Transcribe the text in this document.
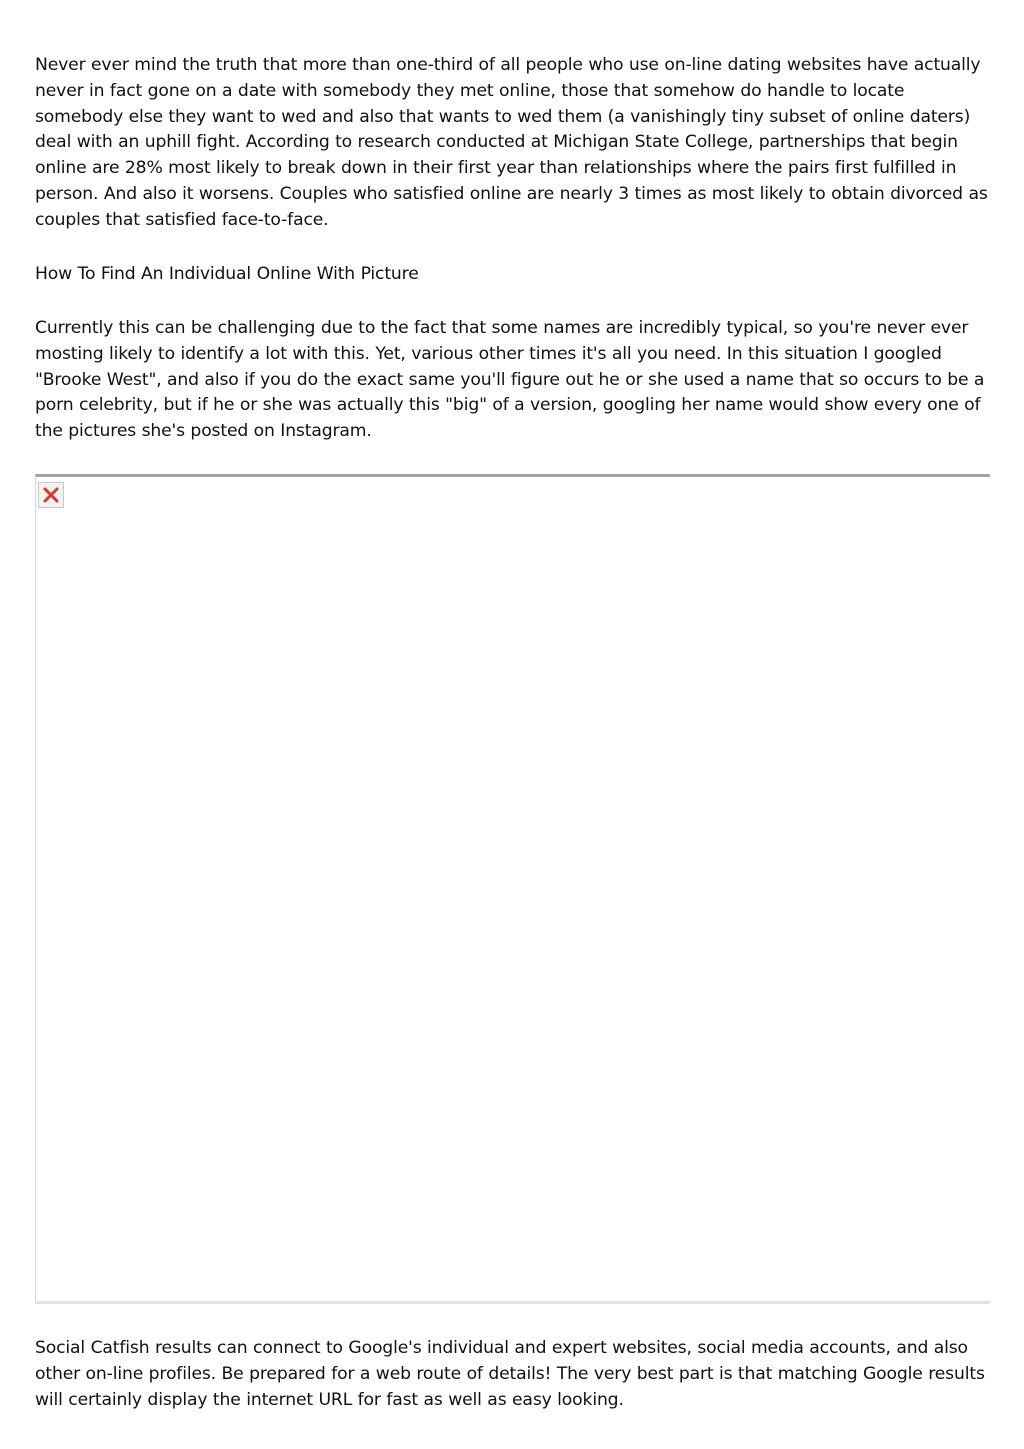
Never ever mind the truth that more than one-third of all people who use on-line dating websites have actually never in fact gone on a date with somebody they met online, those that somehow do handle to locate somebody else they want to wed and also that wants to wed them (a vanishingly tiny subset of online daters) deal with an uphill fight. According to research conducted at Michigan State College, partnerships that begin online are 28% most likely to break down in their first year than relationships where the pairs first fulfilled in person. And also it worsens. Couples who satisfied online are nearly 3 times as most likely to obtain divorced as couples that satisfied face-to-face.

How To Find An Individual Online With Picture

Currently this can be challenging due to the fact that some names are incredibly typical, so you're never ever mosting likely to identify a lot with this. Yet, various other times it's all you need. In this situation I googled "Brooke West", and also if you do the exact same you'll figure out he or she used a name that so occurs to be a porn celebrity, but if he or she was actually this "big" of a version, googling her name would show every one of the pictures she's posted on Instagram.

Social Catfish results can connect to Google's individual and expert websites, social media accounts, and also other on-line profiles. Be prepared for a web route of details! The very best part is that matching Google results will certainly display the internet URL for fast as well as easy looking.
